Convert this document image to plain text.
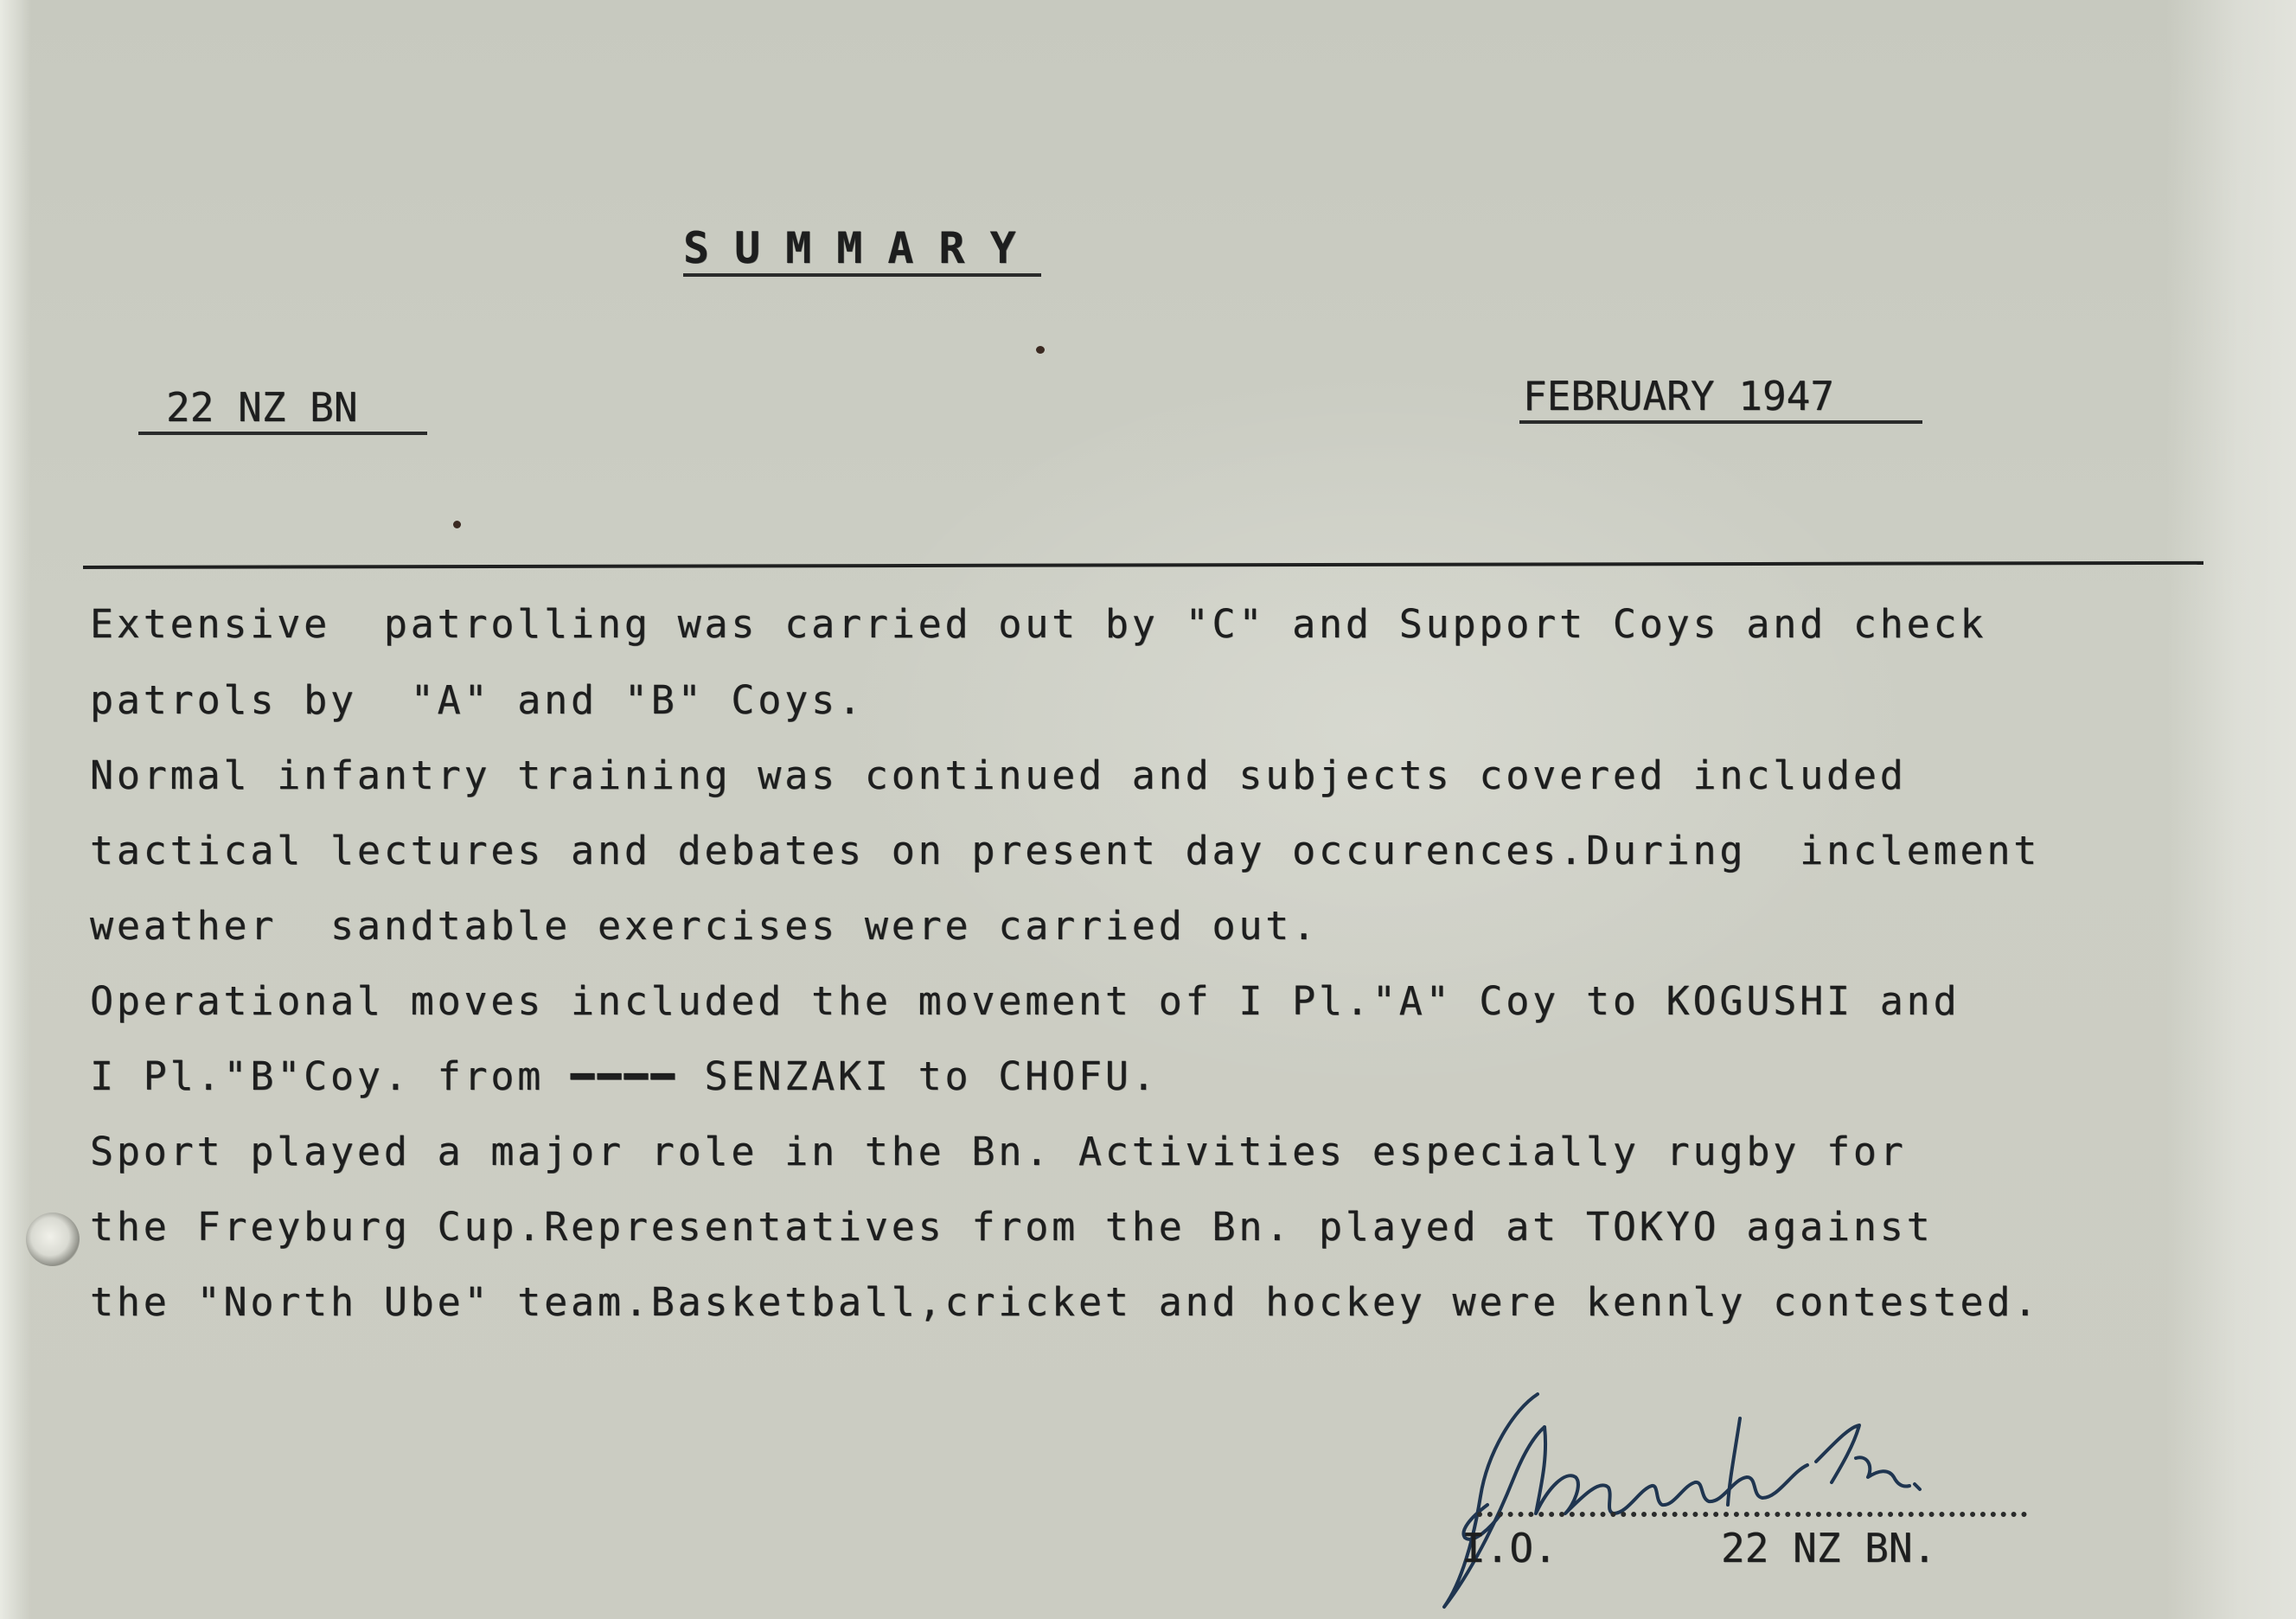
SUMMARY
22 NZ BN	FEBRUARY 1947
Extensive  patrolling was carried out by "C" and Support Coys and check
patrols by  "A" and "B" Coys.
Normal infantry training was continued and subjects covered included
tactical lectures and debates on present day occurences.During  inclement
weather  sandtable exercises were carried out.
Operational moves included the movement of I Pl."A" Coy to KOGUSHI and
I Pl."B"Coy. from ━━━━ SENZAKI to CHOFU.
Sport played a major role in the Bn. Activities especially rugby for
the Freyburg Cup.Representatives from the Bn. played at TOKYO against
the "North Ube" team.Basketball,cricket and hockey were kennly contested.
I.O.	22 NZ BN.
